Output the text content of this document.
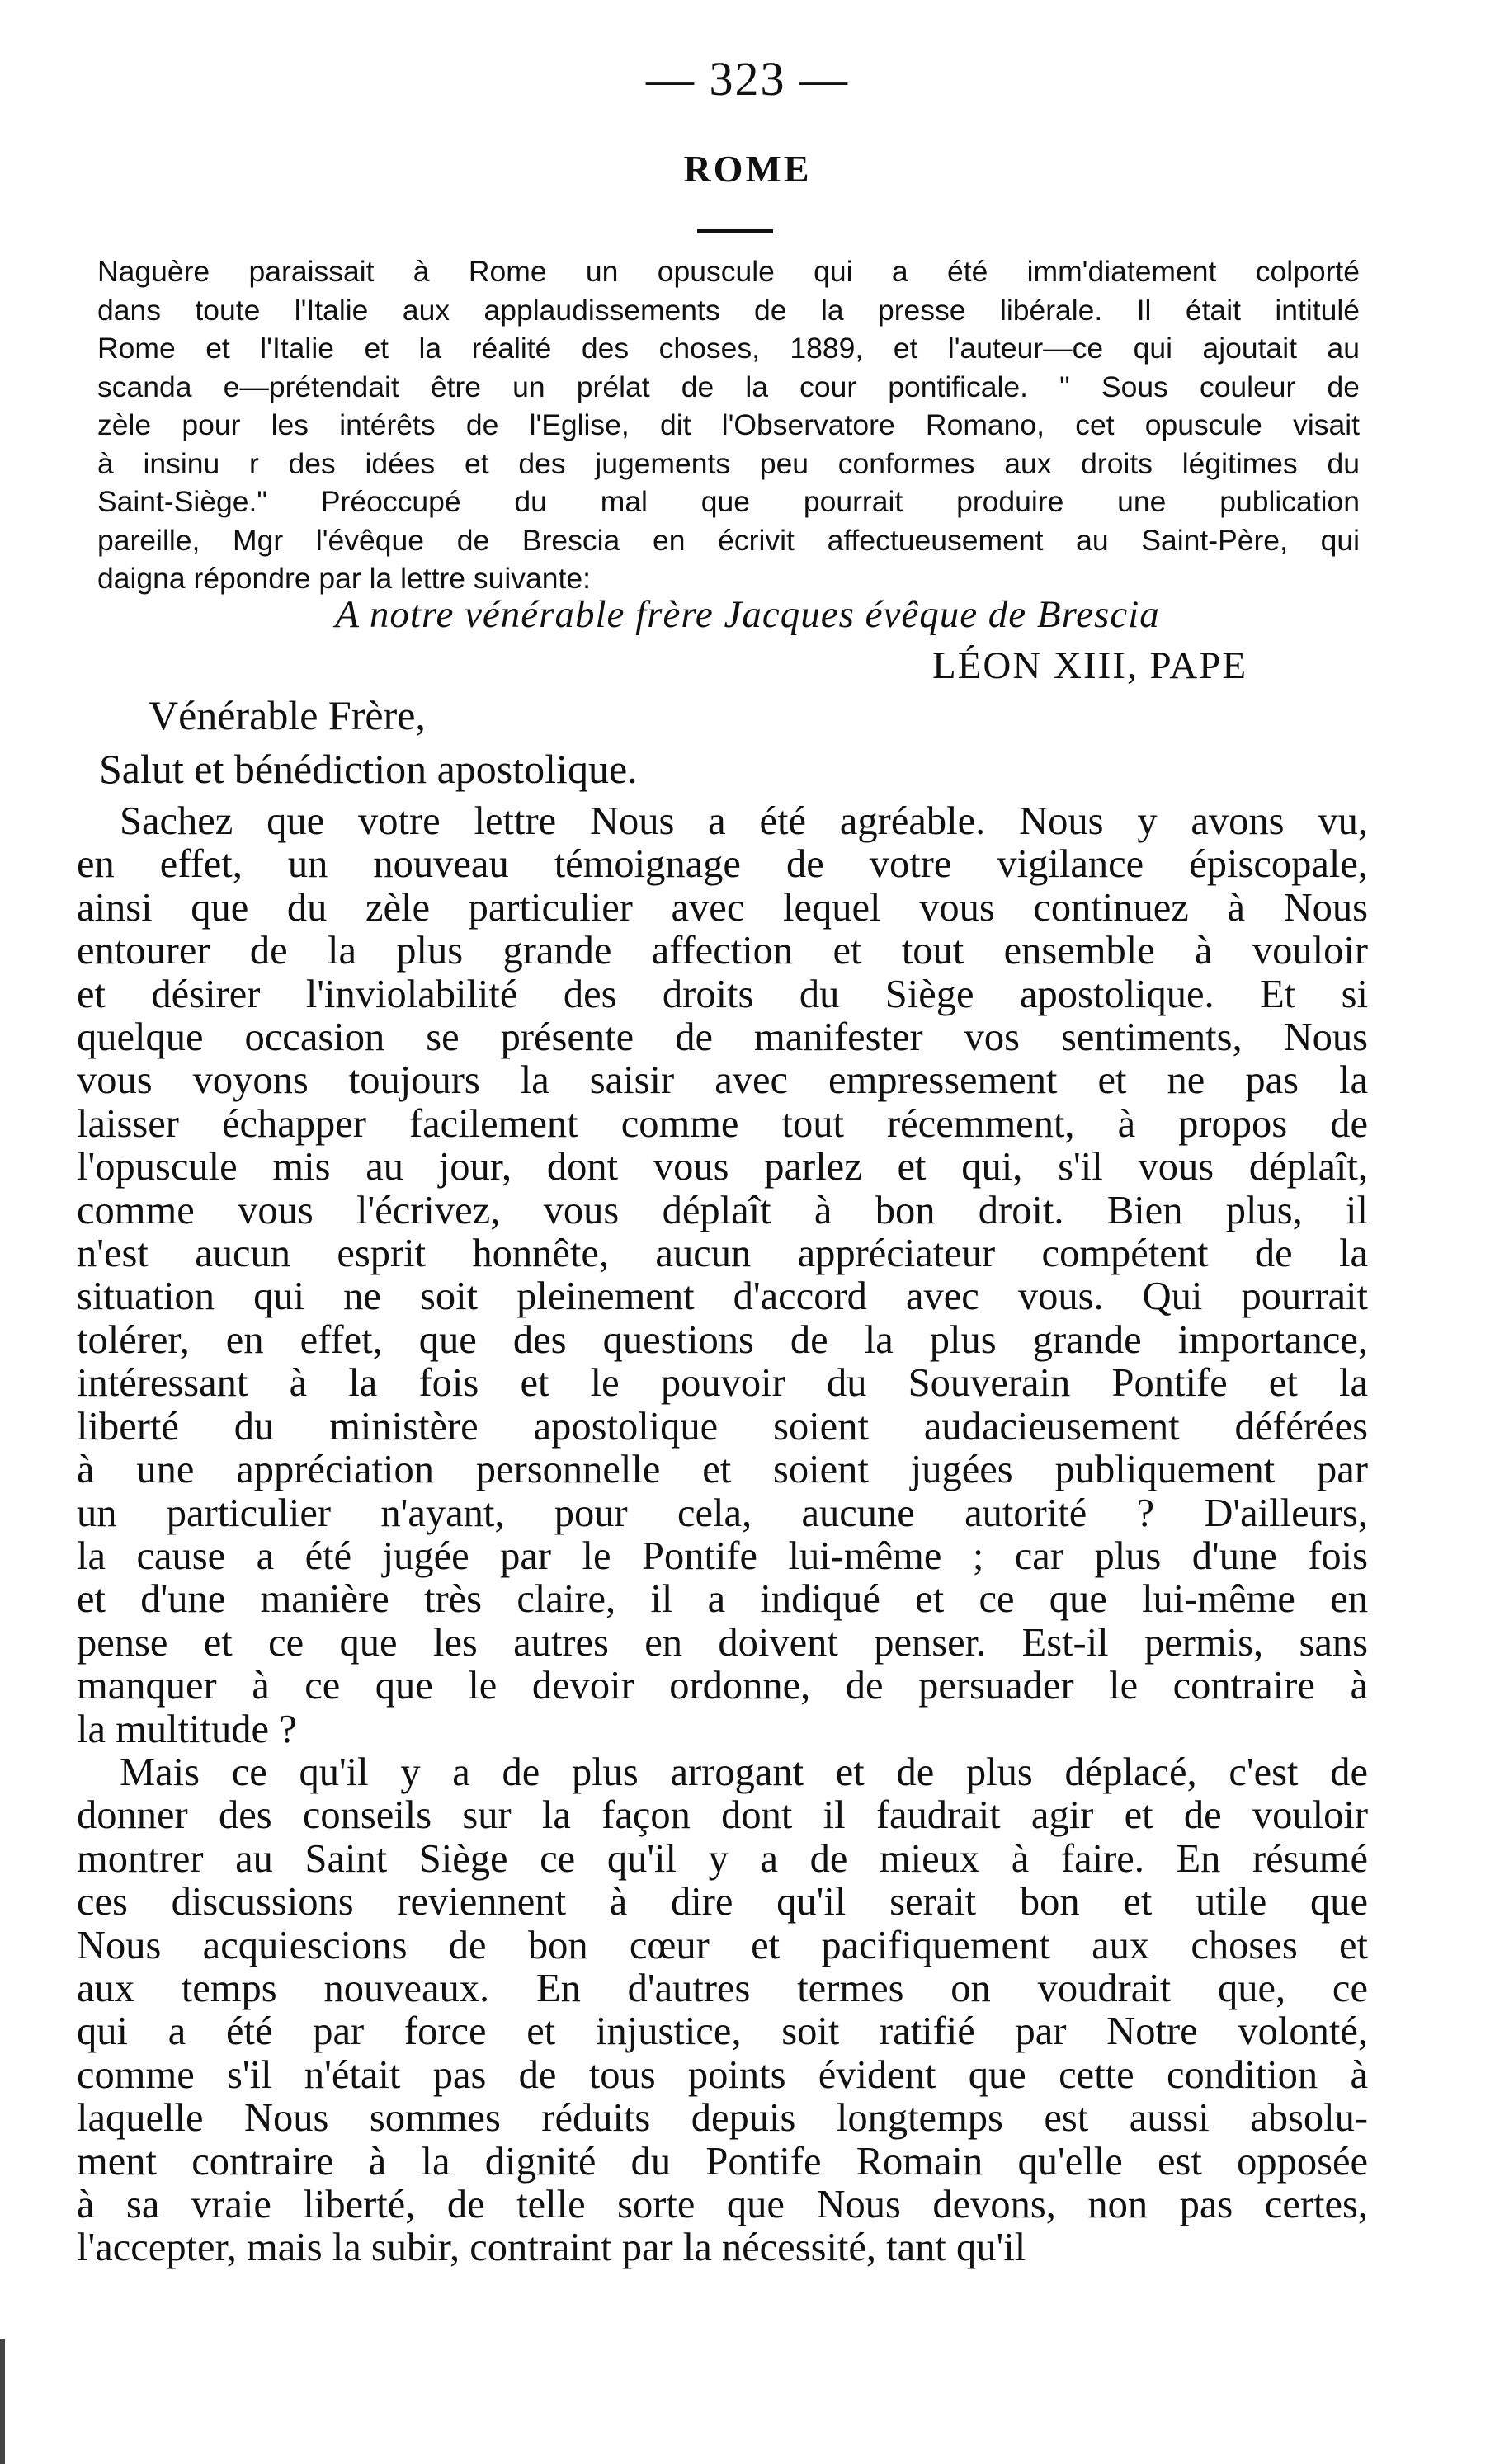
— 323 —
ROME
Naguère paraissait à Rome un opuscule qui a été imm'diatement colporté
dans toute l'Italie aux applaudissements de la presse libérale. Il était intitulé
Rome et l'Italie et la réalité des choses, 1889, et l'auteur—ce qui ajoutait au
scanda e—prétendait être un prélat de la cour pontificale. " Sous couleur de
zèle pour les intérêts de l'Eglise, dit l'Observatore Romano, cet opuscule visait
à insinu r des idées et des jugements peu conformes aux droits légitimes du
Saint-Siège." Préoccupé du mal que pourrait produire une publication
pareille, Mgr l'évêque de Brescia en écrivit affectueusement au Saint-Père, qui
daigna répondre par la lettre suivante:
A notre vénérable frère Jacques évêque de Brescia
LÉON XIII, PAPE
Vénérable Frère,
Salut et bénédiction apostolique.
Sachez que votre lettre Nous a été agréable. Nous y avons vu,
en effet, un nouveau témoignage de votre vigilance épiscopale,
ainsi que du zèle particulier avec lequel vous continuez à Nous
entourer de la plus grande affection et tout ensemble à vouloir
et désirer l'inviolabilité des droits du Siège apostolique. Et si
quelque occasion se présente de manifester vos sentiments, Nous
vous voyons toujours la saisir avec empressement et ne pas la
laisser échapper facilement comme tout récemment, à propos de
l'opuscule mis au jour, dont vous parlez et qui, s'il vous déplaît,
comme vous l'écrivez, vous déplaît à bon droit. Bien plus, il
n'est aucun esprit honnête, aucun appréciateur compétent de la
situation qui ne soit pleinement d'accord avec vous. Qui pourrait
tolérer, en effet, que des questions de la plus grande importance,
intéressant à la fois et le pouvoir du Souverain Pontife et la
liberté du ministère apostolique soient audacieusement déférées
à une appréciation personnelle et soient jugées publiquement par
un particulier n'ayant, pour cela, aucune autorité ? D'ailleurs,
la cause a été jugée par le Pontife lui-même ; car plus d'une fois
et d'une manière très claire, il a indiqué et ce que lui-même en
pense et ce que les autres en doivent penser. Est-il permis, sans
manquer à ce que le devoir ordonne, de persuader le contraire à
la multitude ?
Mais ce qu'il y a de plus arrogant et de plus déplacé, c'est de
donner des conseils sur la façon dont il faudrait agir et de vouloir
montrer au Saint Siège ce qu'il y a de mieux à faire. En résumé
ces discussions reviennent à dire qu'il serait bon et utile que
Nous acquiescions de bon cœur et pacifiquement aux choses et
aux temps nouveaux. En d'autres termes on voudrait que, ce
qui a été par force et injustice, soit ratifié par Notre volonté,
comme s'il n'était pas de tous points évident que cette condition à
laquelle Nous sommes réduits depuis longtemps est aussi absolu-
ment contraire à la dignité du Pontife Romain qu'elle est opposée
à sa vraie liberté, de telle sorte que Nous devons, non pas certes,
l'accepter, mais la subir, contraint par la nécessité, tant qu'il
